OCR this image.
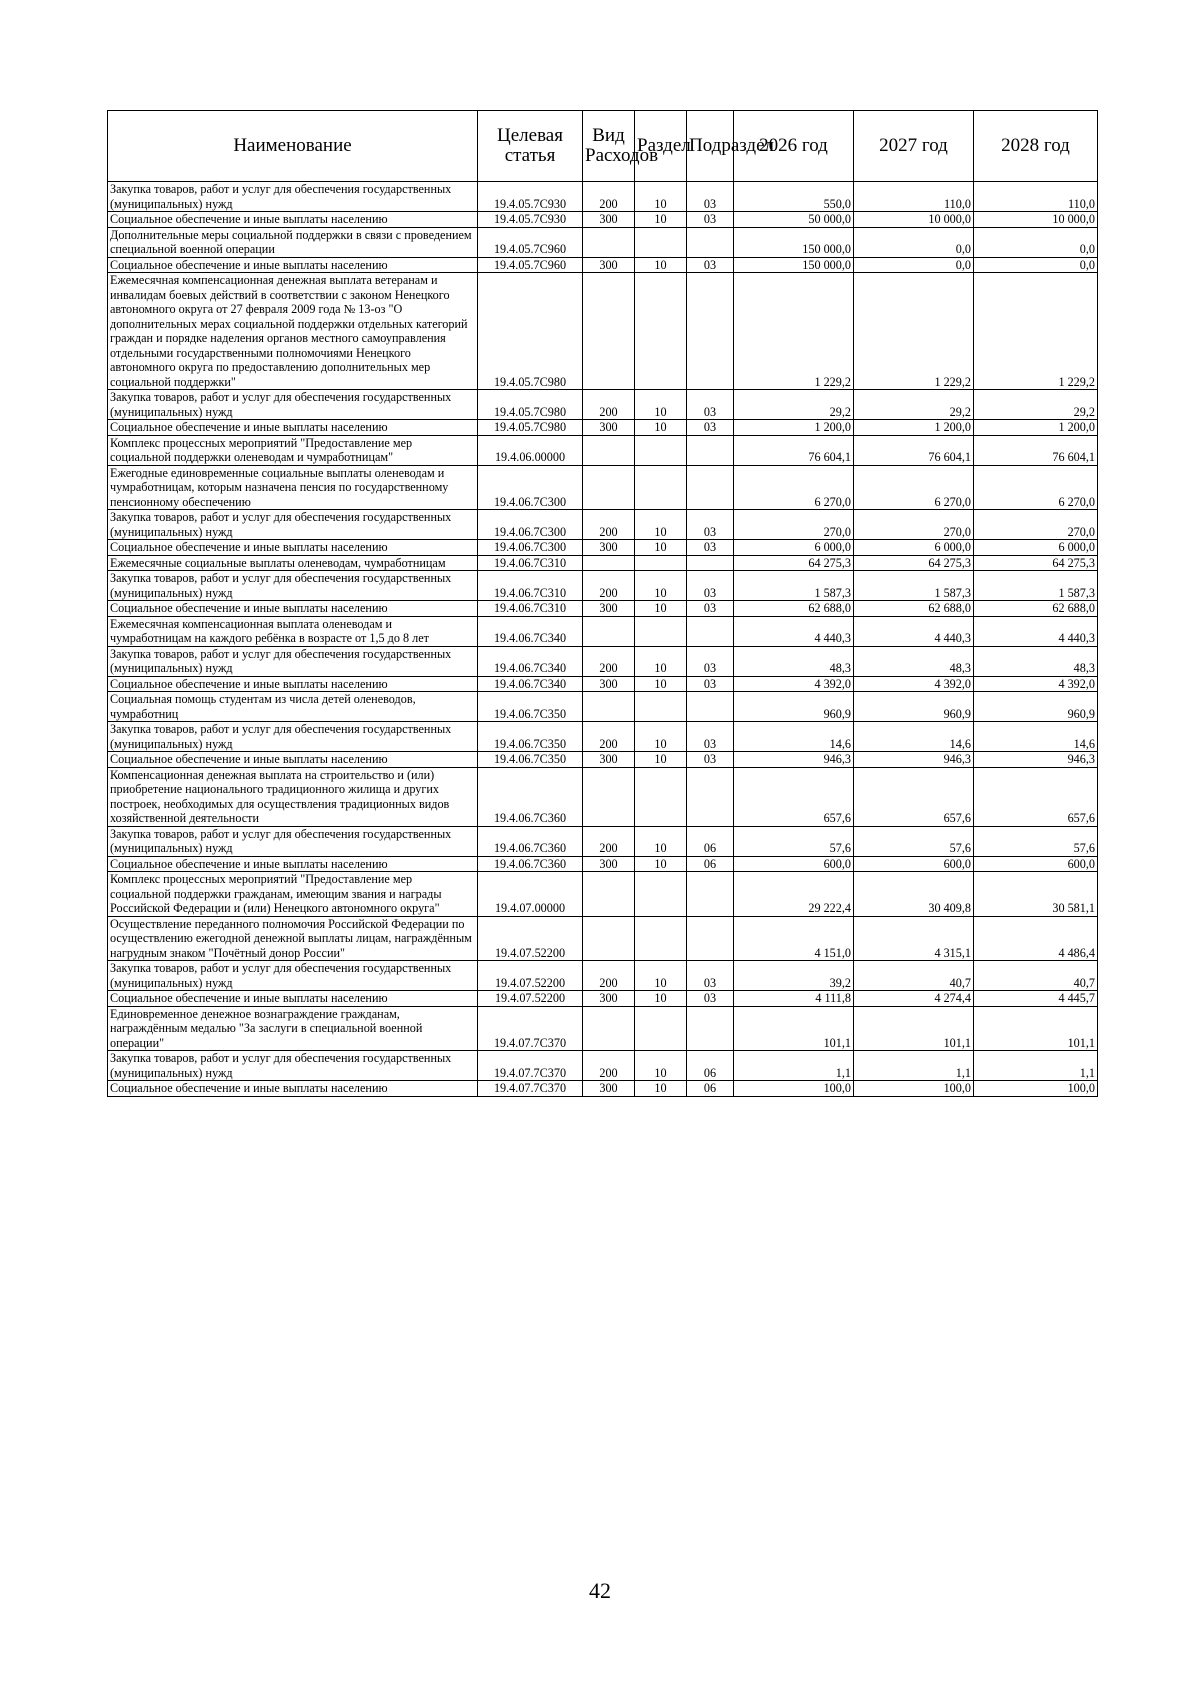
Наименование	Целевая статья	Вид Расходов	Раздел	Подраздел	2026 год	2027 год	2028 год
Закупка товаров, работ и услуг для обеспечения государственных (муниципальных) нужд	19.4.05.7С930	200	10	03	550,0	110,0	110,0
Социальное обеспечение и иные выплаты населению	19.4.05.7С930	300	10	03	50 000,0	10 000,0	10 000,0
Дополнительные меры социальной поддержки в связи с проведением специальной военной операции	19.4.05.7С960				150 000,0	0,0	0,0
Социальное обеспечение и иные выплаты населению	19.4.05.7С960	300	10	03	150 000,0	0,0	0,0
Ежемесячная компенсационная денежная выплата ветеранам и инвалидам боевых действий в соответствии с законом Ненецкого автономного округа от 27 февраля 2009 года № 13-оз "О дополнительных мерах социальной поддержки отдельных категорий граждан и порядке наделения органов местного самоуправления отдельными государственными полномочиями Ненецкого автономного округа по предоставлению дополнительных мер социальной поддержки"	19.4.05.7С980				1 229,2	1 229,2	1 229,2
Закупка товаров, работ и услуг для обеспечения государственных (муниципальных) нужд	19.4.05.7С980	200	10	03	29,2	29,2	29,2
Социальное обеспечение и иные выплаты населению	19.4.05.7С980	300	10	03	1 200,0	1 200,0	1 200,0
Комплекс процессных мероприятий "Предоставление мер социальной поддержки оленеводам и чумработницам"	19.4.06.00000				76 604,1	76 604,1	76 604,1
Ежегодные единовременные социальные выплаты оленеводам и чумработницам, которым назначена пенсия по государственному пенсионному обеспечению	19.4.06.7С300				6 270,0	6 270,0	6 270,0
Закупка товаров, работ и услуг для обеспечения государственных (муниципальных) нужд	19.4.06.7С300	200	10	03	270,0	270,0	270,0
Социальное обеспечение и иные выплаты населению	19.4.06.7С300	300	10	03	6 000,0	6 000,0	6 000,0
Ежемесячные социальные выплаты оленеводам, чумработницам	19.4.06.7С310				64 275,3	64 275,3	64 275,3
Закупка товаров, работ и услуг для обеспечения государственных (муниципальных) нужд	19.4.06.7С310	200	10	03	1 587,3	1 587,3	1 587,3
Социальное обеспечение и иные выплаты населению	19.4.06.7С310	300	10	03	62 688,0	62 688,0	62 688,0
Ежемесячная компенсационная выплата оленеводам и чумработницам на каждого ребёнка в возрасте от 1,5 до 8 лет	19.4.06.7С340				4 440,3	4 440,3	4 440,3
Закупка товаров, работ и услуг для обеспечения государственных (муниципальных) нужд	19.4.06.7С340	200	10	03	48,3	48,3	48,3
Социальное обеспечение и иные выплаты населению	19.4.06.7С340	300	10	03	4 392,0	4 392,0	4 392,0
Социальная помощь студентам из числа детей оленеводов, чумработниц	19.4.06.7С350				960,9	960,9	960,9
Закупка товаров, работ и услуг для обеспечения государственных (муниципальных) нужд	19.4.06.7С350	200	10	03	14,6	14,6	14,6
Социальное обеспечение и иные выплаты населению	19.4.06.7С350	300	10	03	946,3	946,3	946,3
Компенсационная денежная выплата на строительство и (или) приобретение национального традиционного жилища и других построек, необходимых для осуществления традиционных видов хозяйственной деятельности	19.4.06.7С360				657,6	657,6	657,6
Закупка товаров, работ и услуг для обеспечения государственных (муниципальных) нужд	19.4.06.7С360	200	10	06	57,6	57,6	57,6
Социальное обеспечение и иные выплаты населению	19.4.06.7С360	300	10	06	600,0	600,0	600,0
Комплекс процессных мероприятий "Предоставление мер социальной поддержки гражданам, имеющим звания и награды Российской Федерации и (или) Ненецкого автономного округа"	19.4.07.00000				29 222,4	30 409,8	30 581,1
Осуществление переданного полномочия Российской Федерации по осуществлению ежегодной денежной выплаты лицам, награждённым нагрудным знаком "Почётный донор России"	19.4.07.52200				4 151,0	4 315,1	4 486,4
Закупка товаров, работ и услуг для обеспечения государственных (муниципальных) нужд	19.4.07.52200	200	10	03	39,2	40,7	40,7
Социальное обеспечение и иные выплаты населению	19.4.07.52200	300	10	03	4 111,8	4 274,4	4 445,7
Единовременное денежное вознаграждение гражданам, награждённым медалью "За заслуги в специальной военной операции"	19.4.07.7С370				101,1	101,1	101,1
Закупка товаров, работ и услуг для обеспечения государственных (муниципальных) нужд	19.4.07.7С370	200	10	06	1,1	1,1	1,1
Социальное обеспечение и иные выплаты населению	19.4.07.7С370	300	10	06	100,0	100,0	100,0
42
